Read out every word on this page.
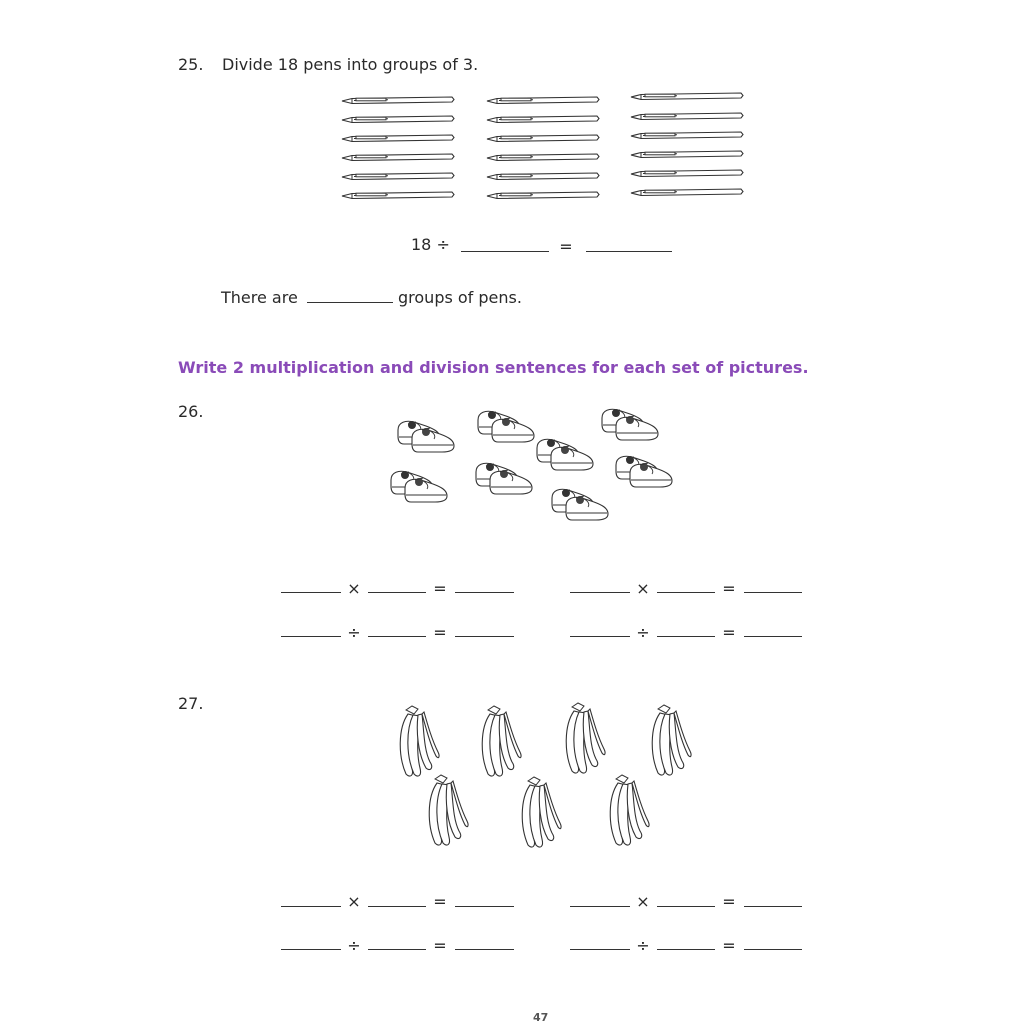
25. Divide 18 pens into groups of 3.
18 ÷	=
There are	groups of pens.
Write 2 multiplication and division sentences for each set of pictures.
26.
×	=	×	=
÷	=	÷	=
27.
×	=	×	=
÷	=	÷	=
47
